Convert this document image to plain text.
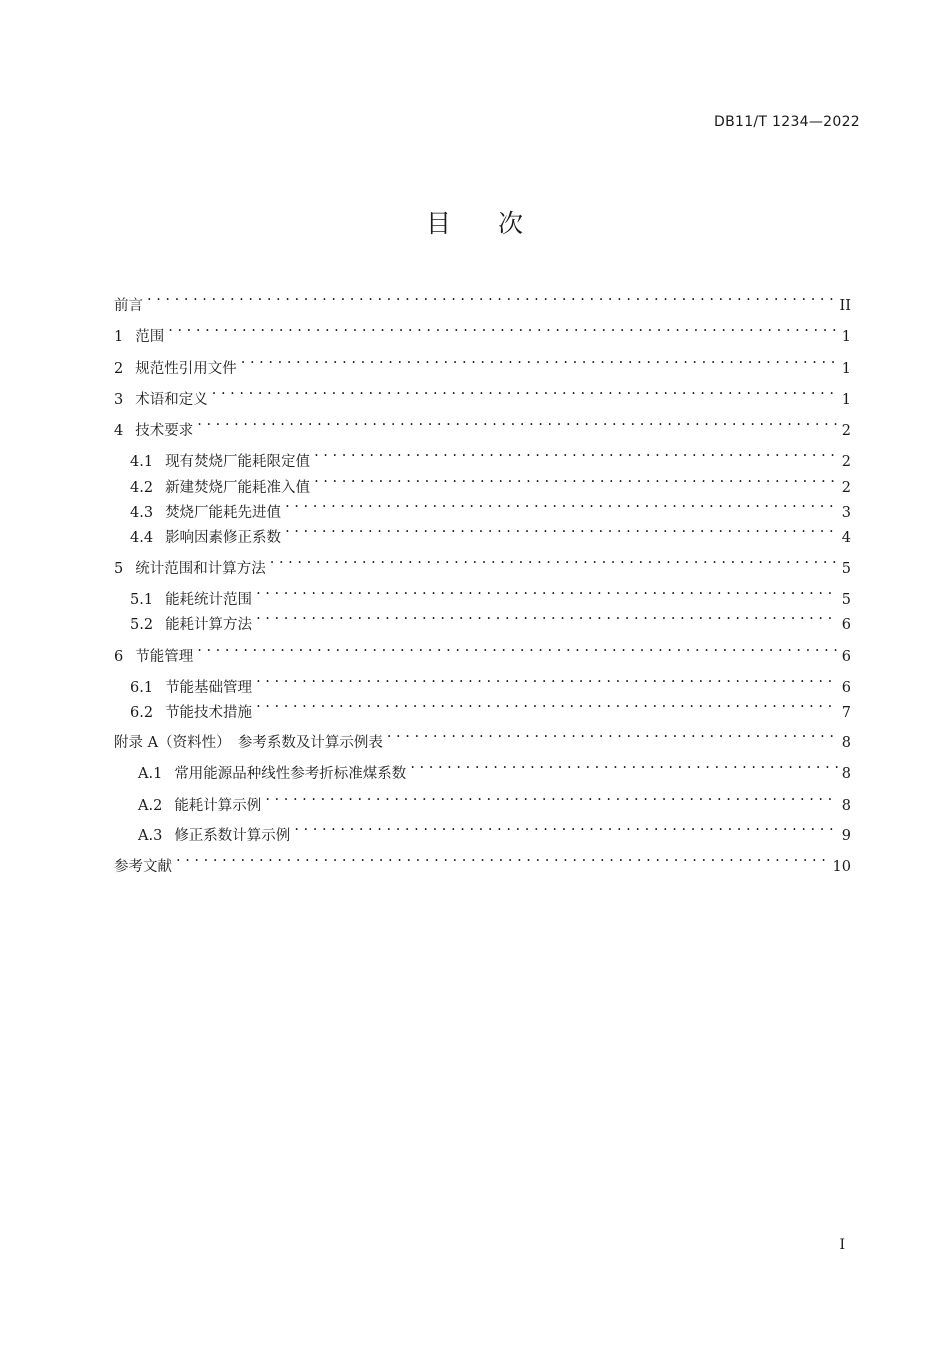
DB11/T 1234—2022
目 次
前言 . . .	II
1 范围 . . .	1
2 规范性引用文件 . . .	1
3 术语和定义 . . .	1
4 技术要求 . . .	2
4.1 现有焚烧厂能耗限定值 . . .	2
4.2 新建焚烧厂能耗准入值 . . .	2
4.3 焚烧厂能耗先进值 . . .	3
4.4 影响因素修正系数 . . .	4
5 统计范围和计算方法 . . .	5
5.1 能耗统计范围 . . .	5
5.2 能耗计算方法 . . .	6
6 节能管理 . . .	6
6.1 节能基础管理 . . .	6
6.2 节能技术措施 . . .	7
附录 A（资料性）　参考系数及计算示例表 . . .	8
A.1 常用能源品种线性参考折标准煤系数 . . .	8
A.2 能耗计算示例 . . .	8
A.3 修正系数计算示例 . . .	9
参考文献 . . .	10
I
